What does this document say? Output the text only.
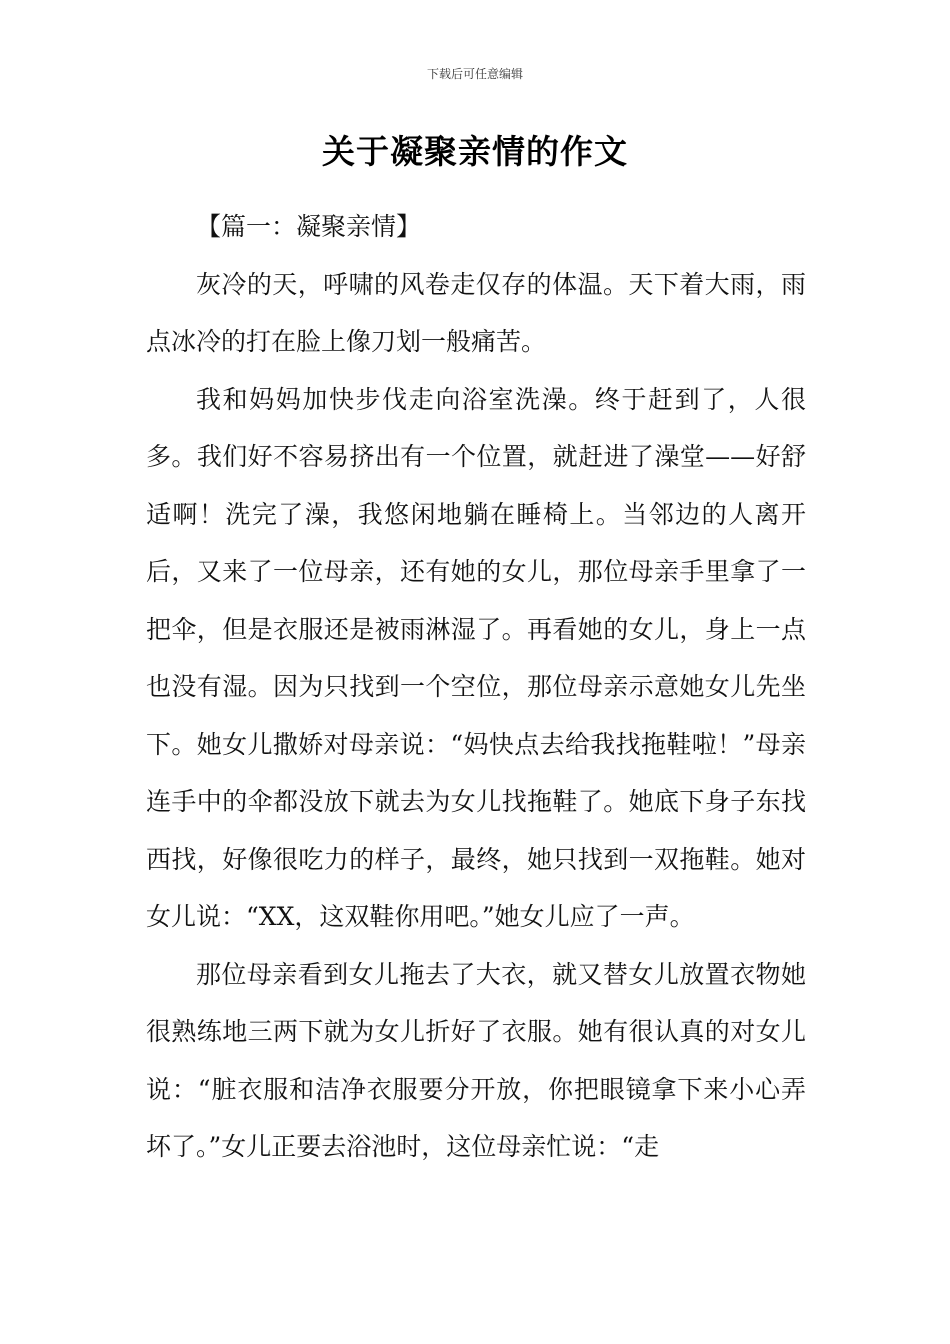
下载后可任意编辑
关于凝聚亲情的作文

【篇一：凝聚亲情】

灰冷的天，呼啸的风卷走仅存的体温。天下着大雨，雨点冰冷的打在脸上像刀划一般痛苦。

我和妈妈加快步伐走向浴室洗澡。终于赶到了，人很多。我们好不容易挤出有一个位置，就赶进了澡堂——好舒适啊！洗完了澡，我悠闲地躺在睡椅上。当邻边的人离开后，又来了一位母亲，还有她的女儿，那位母亲手里拿了一把伞，但是衣服还是被雨淋湿了。再看她的女儿，身上一点也没有湿。因为只找到一个空位，那位母亲示意她女儿先坐下。她女儿撒娇对母亲说：“妈快点去给我找拖鞋啦！”母亲连手中的伞都没放下就去为女儿找拖鞋了。她底下身子东找西找，好像很吃力的样子，最终，她只找到一双拖鞋。她对女儿说：“XX，这双鞋你用吧。”她女儿应了一声。

那位母亲看到女儿拖去了大衣，就又替女儿放置衣物她很熟练地三两下就为女儿折好了衣服。她有很认真的对女儿说：“脏衣服和洁净衣服要分开放，你把眼镜拿下来小心弄坏了。”女儿正要去浴池时，这位母亲忙说：“走
